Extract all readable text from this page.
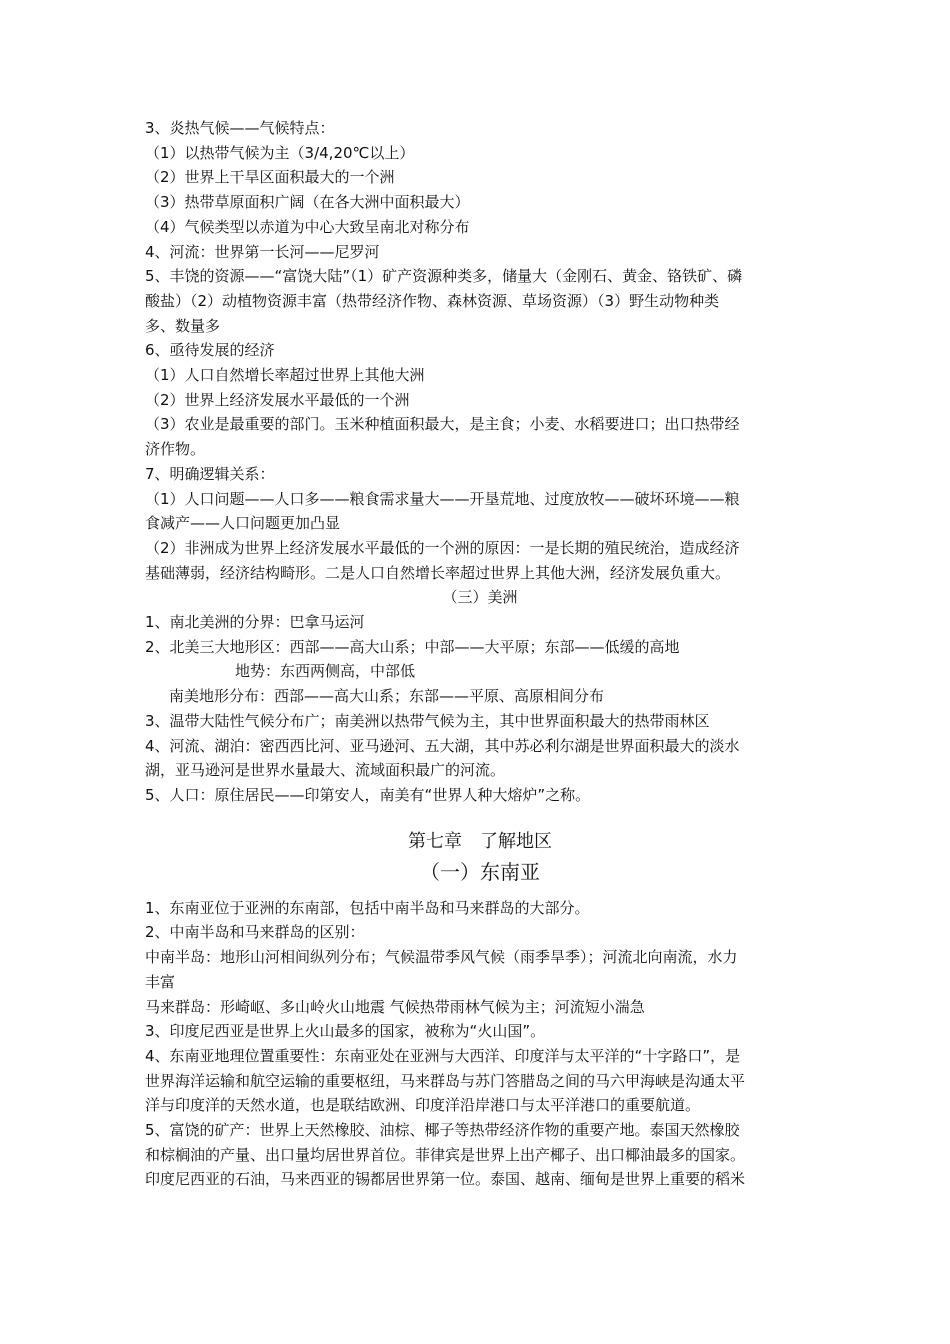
3、炎热气候——气候特点：
（1）以热带气候为主（3/4,20℃以上）
（2）世界上干旱区面积最大的一个洲
（3）热带草原面积广阔（在各大洲中面积最大）
（4）气候类型以赤道为中心大致呈南北对称分布
4、河流：世界第一长河——尼罗河
5、丰饶的资源——“富饶大陆”（1）矿产资源种类多，储量大（金刚石、黄金、铬铁矿、磷
酸盐）（2）动植物资源丰富（热带经济作物、森林资源、草场资源）（3）野生动物种类
多、数量多
6、亟待发展的经济
（1）人口自然增长率超过世界上其他大洲
（2）世界上经济发展水平最低的一个洲
（3）农业是最重要的部门。玉米种植面积最大，是主食；小麦、水稻要进口；出口热带经
济作物。
7、明确逻辑关系：
（1）人口问题——人口多——粮食需求量大——开垦荒地、过度放牧——破坏环境——粮
食减产——人口问题更加凸显
（2）非洲成为世界上经济发展水平最低的一个洲的原因：一是长期的殖民统治，造成经济
基础薄弱，经济结构畸形。二是人口自然增长率超过世界上其他大洲，经济发展负重大。
（三）美洲
1、南北美洲的分界：巴拿马运河
2、北美三大地形区：西部——高大山系；中部——大平原；东部——低缓的高地
地势：东西两侧高，中部低
南美地形分布：西部——高大山系；东部——平原、高原相间分布
3、温带大陆性气候分布广；南美洲以热带气候为主，其中世界面积最大的热带雨林区
4、河流、湖泊：密西西比河、亚马逊河、五大湖，其中苏必利尔湖是世界面积最大的淡水
湖，亚马逊河是世界水量最大、流域面积最广的河流。
5、人口：原住居民——印第安人，南美有“世界人种大熔炉”之称。
第七章　了解地区
（一）东南亚
1、东南亚位于亚洲的东南部，包括中南半岛和马来群岛的大部分。
2、中南半岛和马来群岛的区别：
中南半岛：地形山河相间纵列分布；气候温带季风气候（雨季旱季）；河流北向南流，水力
丰富
马来群岛：形崎岖、多山岭火山地震 气候热带雨林气候为主；河流短小湍急
3、印度尼西亚是世界上火山最多的国家，被称为“火山国”。
4、东南亚地理位置重要性：东南亚处在亚洲与大西洋、印度洋与太平洋的“十字路口”，是
世界海洋运输和航空运输的重要枢纽，马来群岛与苏门答腊岛之间的马六甲海峡是沟通太平
洋与印度洋的天然水道，也是联结欧洲、印度洋沿岸港口与太平洋港口的重要航道。
5、富饶的矿产：世界上天然橡胶、油棕、椰子等热带经济作物的重要产地。泰国天然橡胶
和棕榈油的产量、出口量均居世界首位。菲律宾是世界上出产椰子、出口椰油最多的国家。
印度尼西亚的石油，马来西亚的锡都居世界第一位。泰国、越南、缅甸是世界上重要的稻米
